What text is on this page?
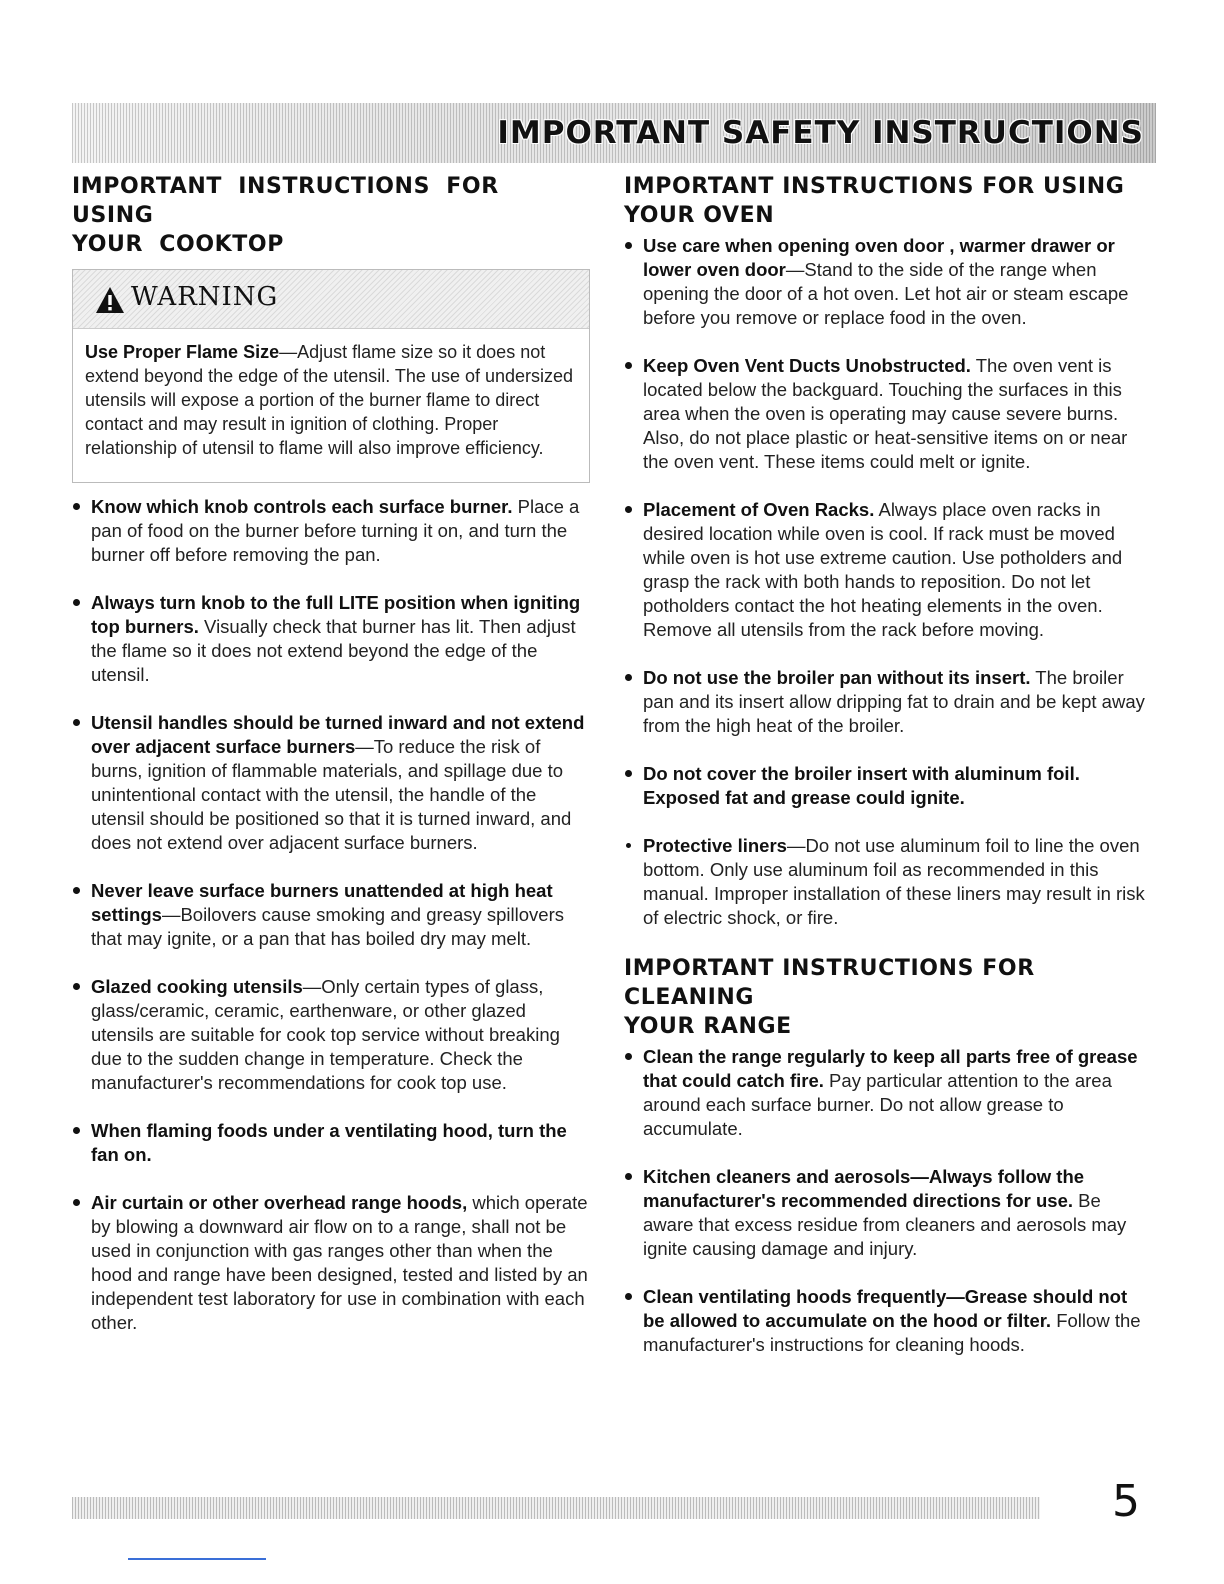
IMPORTANT SAFETY INSTRUCTIONS
IMPORTANT INSTRUCTIONS FOR USING
YOUR COOKTOP
WARNING
Use Proper Flame Size—Adjust flame size so it does not extend beyond the edge of the utensil. The use of undersized utensils will expose a portion of the burner flame to direct contact and may result in ignition of clothing. Proper relationship of utensil to flame will also improve efficiency.
Know which knob controls each surface burner. Place a pan of food on the burner before turning it on, and turn the burner off before removing the pan.
Always turn knob to the full LITE position when igniting top burners. Visually check that burner has lit. Then adjust the flame so it does not extend beyond the edge of the utensil.
Utensil handles should be turned inward and not extend over adjacent surface burners—To reduce the risk of burns, ignition of flammable materials, and spillage due to unintentional contact with the utensil, the handle of the utensil should be positioned so that it is turned inward, and does not extend over adjacent surface burners.
Never leave surface burners unattended at high heat settings—Boilovers cause smoking and greasy spillovers that may ignite, or a pan that has boiled dry may melt.
Glazed cooking utensils—Only certain types of glass, glass/ceramic, ceramic, earthenware, or other glazed utensils are suitable for cook top service without breaking due to the sudden change in temperature. Check the manufacturer's recommendations for cook top use.
When flaming foods under a ventilating hood, turn the fan on.
Air curtain or other overhead range hoods, which operate by blowing a downward air flow on to a range, shall not be used in conjunction with gas ranges other than when the hood and range have been designed, tested and listed by an independent test laboratory for use in combination with each other.
IMPORTANT INSTRUCTIONS FOR USING
YOUR OVEN
Use care when opening oven door , warmer drawer or lower oven door—Stand to the side of the range when opening the door of a hot oven. Let hot air or steam escape before you remove or replace food in the oven.
Keep Oven Vent Ducts Unobstructed. The oven vent is located below the backguard. Touching the surfaces in this area when the oven is operating may cause severe burns. Also, do not place plastic or heat-sensitive items on or near the oven vent. These items could melt or ignite.
Placement of Oven Racks. Always place oven racks in desired location while oven is cool. If rack must be moved while oven is hot use extreme caution. Use potholders and grasp the rack with both hands to reposition. Do not let potholders contact the hot heating elements in the oven. Remove all utensils from the rack before moving.
Do not use the broiler pan without its insert. The broiler pan and its insert allow dripping fat to drain and be kept away from the high heat of the broiler.
Do not cover the broiler insert with aluminum foil. Exposed fat and grease could ignite.
Protective liners—Do not use aluminum foil to line the oven bottom. Only use aluminum foil as recommended in this manual. Improper installation of these liners may result in risk of electric shock, or fire.
IMPORTANT INSTRUCTIONS FOR CLEANING
YOUR RANGE
Clean the range regularly to keep all parts free of grease that could catch fire. Pay particular attention to the area around each surface burner. Do not allow grease to accumulate.
Kitchen cleaners and aerosols—Always follow the manufacturer's recommended directions for use. Be aware that excess residue from cleaners and aerosols may ignite causing damage and injury.
Clean ventilating hoods frequently—Grease should not be allowed to accumulate on the hood or filter. Follow the manufacturer's instructions for cleaning hoods.
5
